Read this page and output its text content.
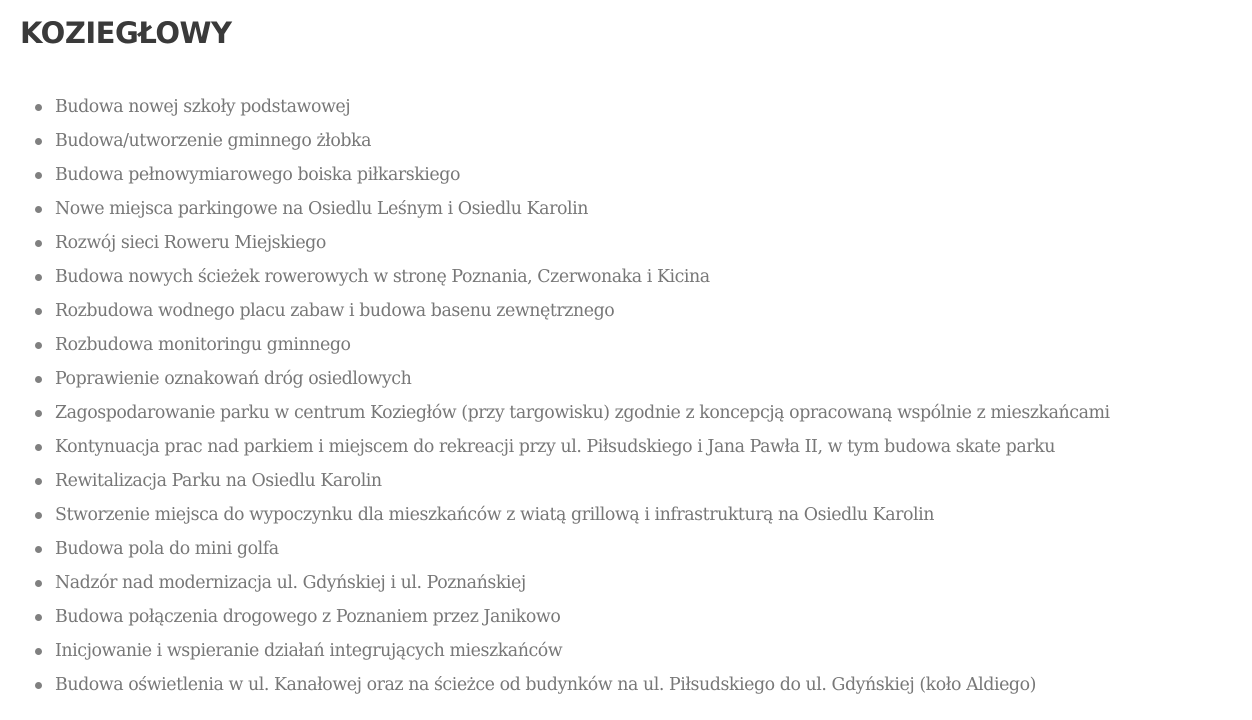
KOZIEGŁOWY
Budowa nowej szkoły podstawowej
Budowa/utworzenie gminnego żłobka
Budowa pełnowymiarowego boiska piłkarskiego
Nowe miejsca parkingowe na Osiedlu Leśnym i Osiedlu Karolin
Rozwój sieci Roweru Miejskiego
Budowa nowych ścieżek rowerowych w stronę Poznania, Czerwonaka i Kicina
Rozbudowa wodnego placu zabaw i budowa basenu zewnętrznego
Rozbudowa monitoringu gminnego
Poprawienie oznakowań dróg osiedlowych
Zagospodarowanie parku w centrum Koziegłów (przy targowisku) zgodnie z koncepcją opracowaną wspólnie z mieszkańcami
Kontynuacja prac nad parkiem i miejscem do rekreacji przy ul. Piłsudskiego i Jana Pawła II, w tym budowa skate parku
Rewitalizacja Parku na Osiedlu Karolin
Stworzenie miejsca do wypoczynku dla mieszkańców z wiatą grillową i infrastrukturą na Osiedlu Karolin
Budowa pola do mini golfa
Nadzór nad modernizacja ul. Gdyńskiej i ul. Poznańskiej
Budowa połączenia drogowego z Poznaniem przez Janikowo
Inicjowanie i wspieranie działań integrujących mieszkańców
Budowa oświetlenia w ul. Kanałowej oraz na ścieżce od budynków na ul. Piłsudskiego do ul. Gdyńskiej (koło Aldiego)
